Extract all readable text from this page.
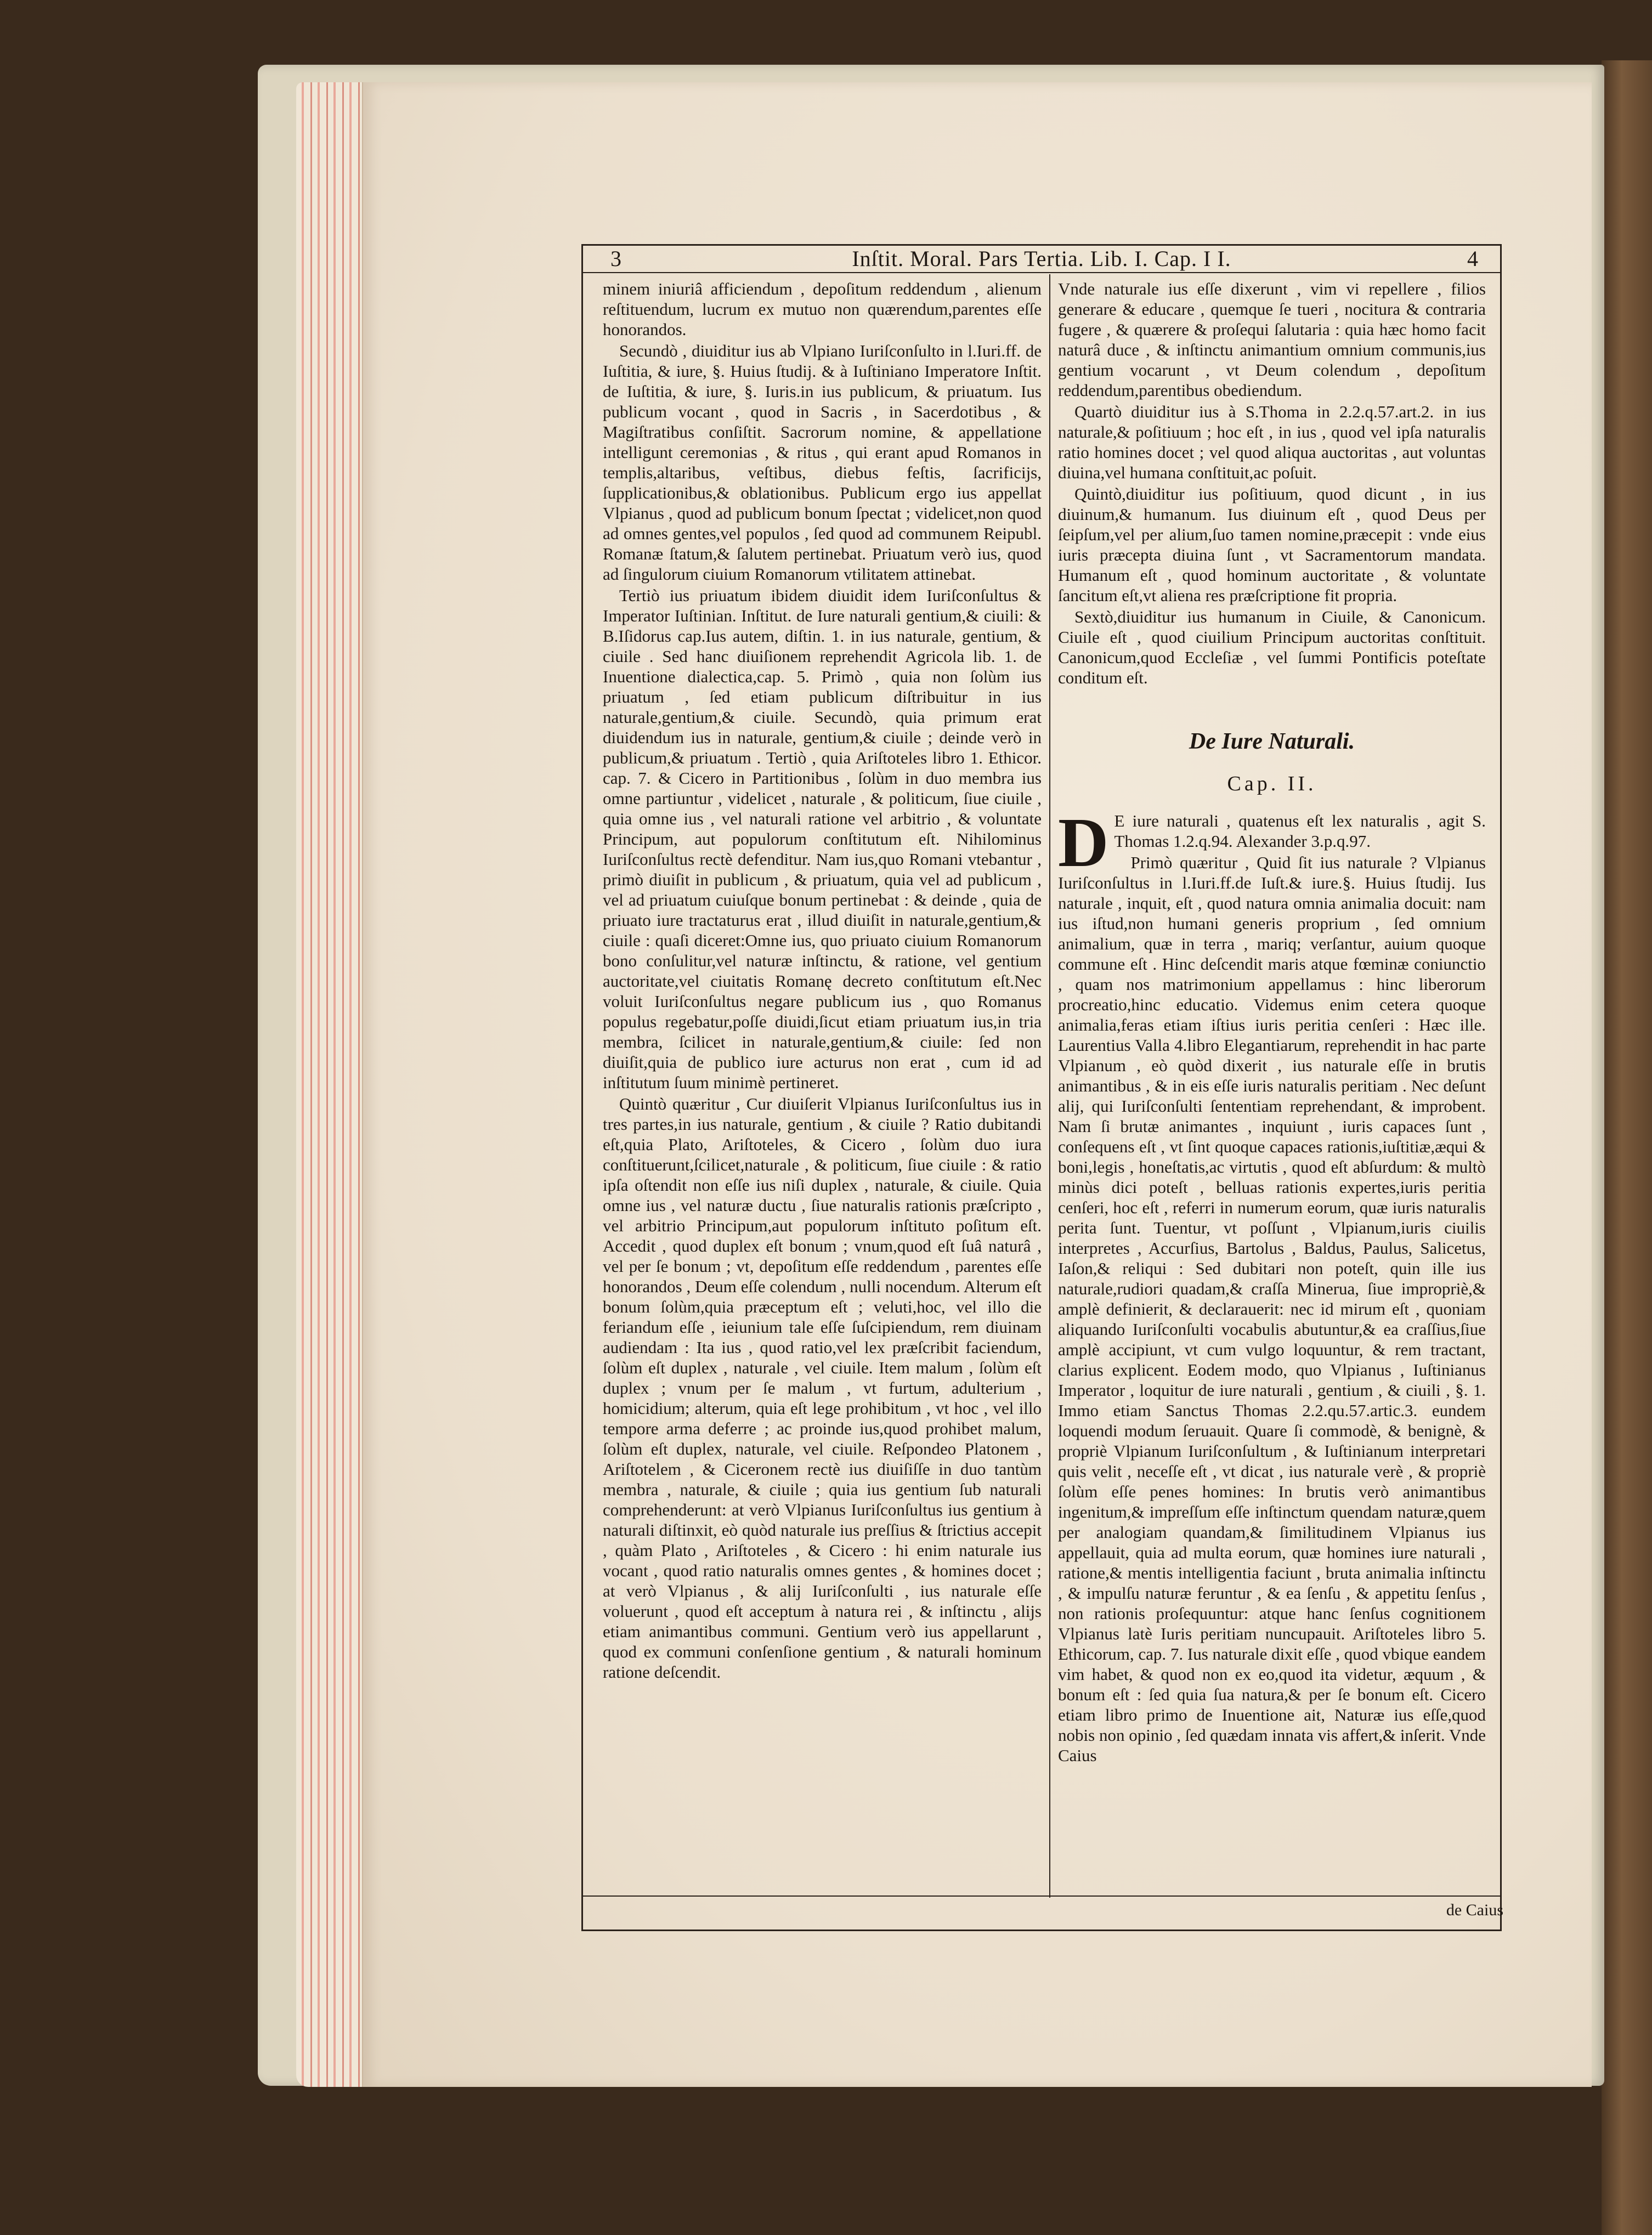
3	Inſtit. Moral. Pars Tertia. Lib. I. Cap. I I.	4

minem iniuriâ afficiendum , depoſitum reddendum , alienum reſtituendum, lucrum ex mutuo non quærendum,parentes eſſe honorandos.

Secundò , diuiditur ius ab Vlpiano Iuriſconſulto in l.Iuri.ff. de Iuſtitia, & iure, §. Huius ſtudij. & à Iuſtiniano Imperatore Inſtit. de Iuſtitia, & iure, §. Iuris.in ius publicum, & priuatum. Ius publicum vocant , quod in Sacris , in Sacerdotibus , & Magiſtratibus conſiſtit. Sacrorum nomine, & appellatione intelligunt ceremonias , & ritus , qui erant apud Romanos in templis,altaribus, veſtibus, diebus feſtis, ſacrificijs, ſupplicationibus,& oblationibus. Publicum ergo ius appellat Vlpianus , quod ad publicum bonum ſpectat ; videlicet,non quod ad omnes gentes,vel populos , ſed quod ad communem Reipubl. Romanæ ſtatum,& ſalutem pertinebat. Priuatum verò ius, quod ad ſingulorum ciuium Romanorum vtilitatem attinebat.

Tertiò ius priuatum ibidem diuidit idem Iuriſconſultus & Imperator Iuſtinian. Inſtitut. de Iure naturali gentium,& ciuili: & B.Iſidorus cap.Ius autem, diſtin. 1. in ius naturale, gentium, & ciuile . Sed hanc diuiſionem reprehendit Agricola lib. 1. de Inuentione dialectica,cap. 5. Primò , quia non ſolùm ius priuatum , ſed etiam publicum diſtribuitur in ius naturale,gentium,& ciuile. Secundò, quia primum erat diuidendum ius in naturale, gentium,& ciuile ; deinde verò in publicum,& priuatum . Tertiò , quia Ariſtoteles libro 1. Ethicor. cap. 7. & Cicero in Partitionibus , ſolùm in duo membra ius omne partiuntur , videlicet , naturale , & politicum, ſiue ciuile , quia omne ius , vel naturali ratione vel arbitrio , & voluntate Principum, aut populorum conſtitutum eſt. Nihilominus Iuriſconſultus rectè defenditur. Nam ius,quo Romani vtebantur , primò diuiſit in publicum , & priuatum, quia vel ad publicum , vel ad priuatum cuiuſque bonum pertinebat : & deinde , quia de priuato iure tractaturus erat , illud diuiſit in naturale,gentium,& ciuile : quaſi diceret:Omne ius, quo priuato ciuium Romanorum bono conſulitur,vel naturæ inſtinctu, & ratione, vel gentium auctoritate,vel ciuitatis Romanę decreto conſtitutum eſt.Nec voluit Iuriſconſultus negare publicum ius , quo Romanus populus regebatur,poſſe diuidi,ſicut etiam priuatum ius,in tria membra, ſcilicet in naturale,gentium,& ciuile: ſed non diuiſit,quia de publico iure acturus non erat , cum id ad inſtitutum ſuum minimè pertineret.

Quintò quæritur , Cur diuiſerit Vlpianus Iuriſconſultus ius in tres partes,in ius naturale, gentium , & ciuile ? Ratio dubitandi eſt,quia Plato, Ariſtoteles, & Cicero , ſolùm duo iura conſtituerunt,ſcilicet,naturale , & politicum, ſiue ciuile : & ratio ipſa oſtendit non eſſe ius niſi duplex , naturale, & ciuile. Quia omne ius , vel naturæ ductu , ſiue naturalis rationis præſcripto , vel arbitrio Principum,aut populorum inſtituto poſitum eſt. Accedit , quod duplex eſt bonum ; vnum,quod eſt ſuâ naturâ , vel per ſe bonum ; vt, depoſitum eſſe reddendum , parentes eſſe honorandos , Deum eſſe colendum , nulli nocendum. Alterum eſt bonum ſolùm,quia præceptum eſt ; veluti,hoc, vel illo die feriandum eſſe , ieiunium tale eſſe ſuſcipiendum, rem diuinam audiendam : Ita ius , quod ratio,vel lex præſcribit faciendum, ſolùm eſt duplex , naturale , vel ciuile. Item malum , ſolùm eſt duplex ; vnum per ſe malum , vt furtum, adulterium , homicidium; alterum, quia eſt lege prohibitum , vt hoc , vel illo tempore arma deferre ; ac proinde ius,quod prohibet malum, ſolùm eſt duplex, naturale, vel ciuile. Reſpondeo Platonem , Ariſtotelem , & Ciceronem rectè ius diuiſiſſe in duo tantùm membra , naturale, & ciuile ; quia ius gentium ſub naturali comprehenderunt: at verò Vlpianus Iuriſconſultus ius gentium à naturali diſtinxit, eò quòd naturale ius preſſius & ſtrictius accepit , quàm Plato , Ariſtoteles , & Cicero : hi enim naturale ius vocant , quod ratio naturalis omnes gentes , & homines docet ; at verò Vlpianus , & alij Iuriſconſulti , ius naturale eſſe voluerunt , quod eſt acceptum à natura rei , & inſtinctu , alijs etiam animantibus communi. Gentium verò ius appellarunt , quod ex communi conſenſione gentium , & naturali hominum ratione deſcendit.

Vnde naturale ius eſſe dixerunt , vim vi repellere , filios generare & educare , quemque ſe tueri , nocitura & contraria fugere , & quærere & proſequi ſalutaria : quia hæc homo facit naturâ duce , & inſtinctu animantium omnium communis,ius gentium vocarunt , vt Deum colendum , depoſitum reddendum,parentibus obediendum.

Quartò diuiditur ius à S.Thoma in 2.2.q.57.art.2. in ius naturale,& poſitiuum ; hoc eſt , in ius , quod vel ipſa naturalis ratio homines docet ; vel quod aliqua auctoritas , aut voluntas diuina,vel humana conſtituit,ac poſuit.

Quintò,diuiditur ius poſitiuum, quod dicunt , in ius diuinum,& humanum. Ius diuinum eſt , quod Deus per ſeipſum,vel per alium,ſuo tamen nomine,præcepit : vnde eius iuris præcepta diuina ſunt , vt Sacramentorum mandata. Humanum eſt , quod hominum auctoritate , & voluntate ſancitum eſt,vt aliena res præſcriptione fit propria.

Sextò,diuiditur ius humanum in Ciuile, & Canonicum. Ciuile eſt , quod ciuilium Principum auctoritas conſtituit. Canonicum,quod Eccleſiæ , vel ſummi Pontificis poteſtate conditum eſt.

De Iure Naturali.
Cap. II.

D E iure naturali , quatenus eſt lex naturalis , agit S. Thomas 1.2.q.94. Alexander 3.p.q.97.

Primò quæritur , Quid ſit ius naturale ? Vlpianus Iuriſconſultus in l.Iuri.ff.de Iuſt.& iure.§. Huius ſtudij. Ius naturale , inquit, eſt , quod natura omnia animalia docuit: nam ius iſtud,non humani generis proprium , ſed omnium animalium, quæ in terra , mariq; verſantur, auium quoque commune eſt . Hinc deſcendit maris atque fœminæ coniunctio , quam nos matrimonium appellamus : hinc liberorum procreatio,hinc educatio. Videmus enim cetera quoque animalia,feras etiam iſtius iuris peritia cenſeri : Hæc ille. Laurentius Valla 4.libro Elegantiarum, reprehendit in hac parte Vlpianum , eò quòd dixerit , ius naturale eſſe in brutis animantibus , & in eis eſſe iuris naturalis peritiam . Nec deſunt alij, qui Iuriſconſulti ſententiam reprehendant, & improbent. Nam ſi brutæ animantes , inquiunt , iuris capaces ſunt , conſequens eſt , vt ſint quoque capaces rationis,iuſtitiæ,æqui & boni,legis , honeſtatis,ac virtutis , quod eſt abſurdum: & multò minùs dici poteſt , belluas rationis expertes,iuris peritia cenſeri, hoc eſt , referri in numerum eorum, quæ iuris naturalis perita ſunt. Tuentur, vt poſſunt , Vlpianum,iuris ciuilis interpretes , Accurſius, Bartolus , Baldus, Paulus, Salicetus, Iaſon,& reliqui : Sed dubitari non poteſt, quin ille ius naturale,rudiori quadam,& craſſa Minerua, ſiue impropriè,& amplè definierit, & declarauerit: nec id mirum eſt , quoniam aliquando Iuriſconſulti vocabulis abutuntur,& ea craſſius,ſiue amplè accipiunt, vt cum vulgo loquuntur, & rem tractant, clarius explicent. Eodem modo, quo Vlpianus , Iuſtinianus Imperator , loquitur de iure naturali , gentium , & ciuili , §. 1. Immo etiam Sanctus Thomas 2.2.qu.57.artic.3. eundem loquendi modum ſeruauit. Quare ſi commodè, & benignè, & propriè Vlpianum Iuriſconſultum , & Iuſtinianum interpretari quis velit , neceſſe eſt , vt dicat , ius naturale verè , & propriè ſolùm eſſe penes homines: In brutis verò animantibus ingenitum,& impreſſum eſſe inſtinctum quendam naturæ,quem per analogiam quandam,& ſimilitudinem Vlpianus ius appellauit, quia ad multa eorum, quæ homines iure naturali , ratione,& mentis intelligentia faciunt , bruta animalia inſtinctu , & impulſu naturæ feruntur , & ea ſenſu , & appetitu ſenſus , non rationis proſequuntur: atque hanc ſenſus cognitionem Vlpianus latè Iuris peritiam nuncupauit. Ariſtoteles libro 5. Ethicorum, cap. 7. Ius naturale dixit eſſe , quod vbique eandem vim habet, & quod non ex eo,quod ita videtur, æquum , & bonum eſt : ſed quia ſua natura,& per ſe bonum eſt. Cicero etiam libro primo de Inuentione ait, Naturæ ius eſſe,quod nobis non opinio , ſed quædam innata vis affert,& inſerit. Vnde Caius

de Caius
